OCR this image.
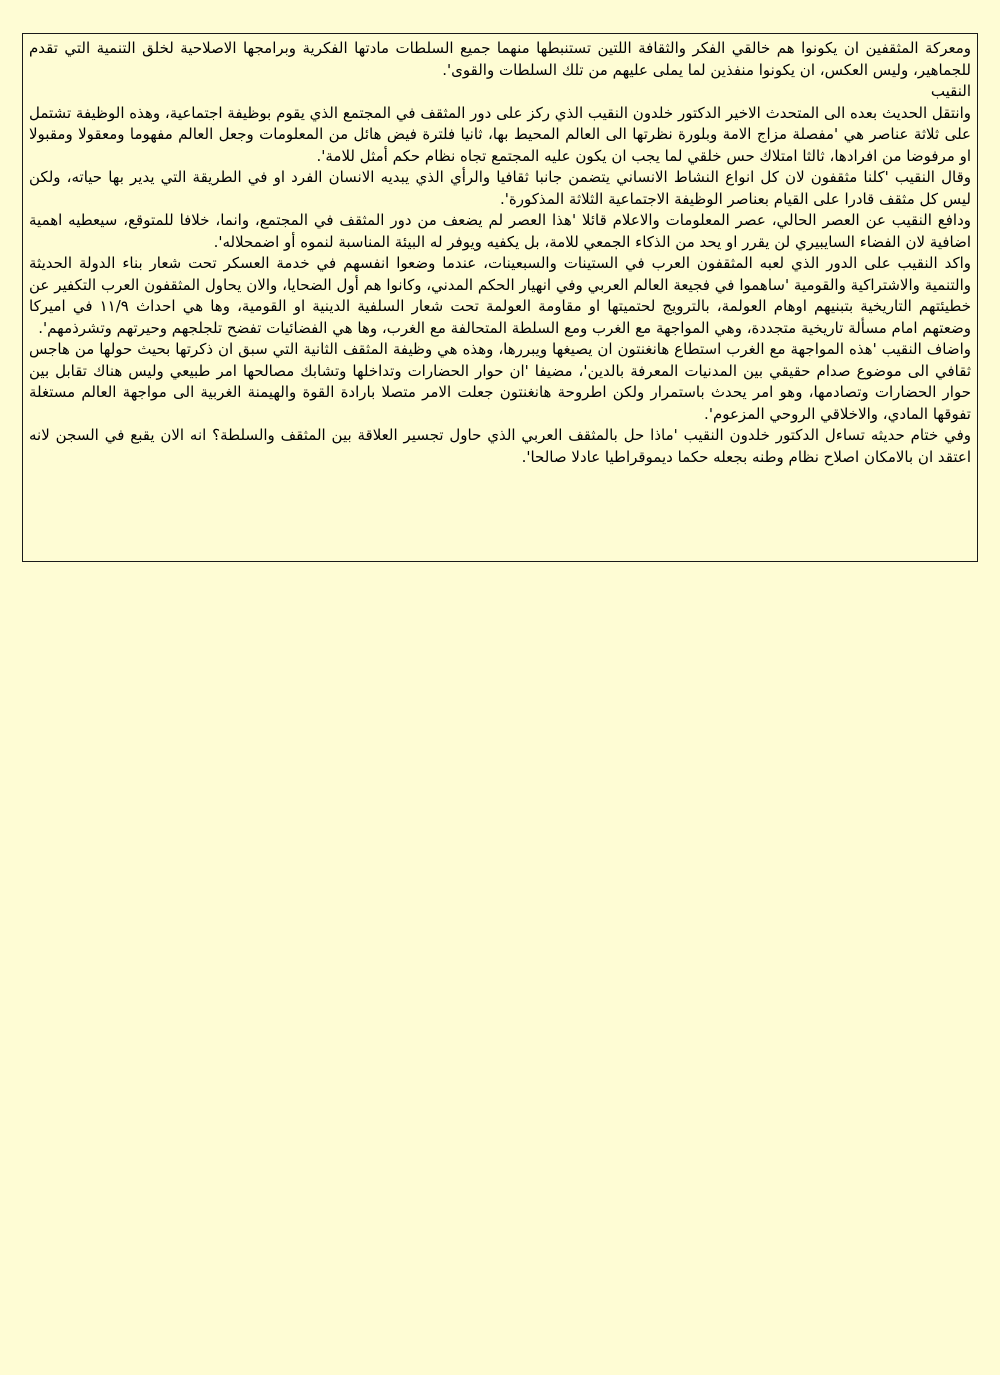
ومعركة المثقفين ان يكونوا هم خالقي الفكر والثقافة اللتين تستنبطها منهما جميع السلطات مادتها الفكرية وبرامجها الاصلاحية لخلق التنمية التي تقدم للجماهير، وليس العكس، ان يكونوا منفذين لما يملى عليهم من تلك السلطات والقوى'.

النقيب

وانتقل الحديث بعده الى المتحدث الاخير الدكتور خلدون النقيب الذي ركز على دور المثقف في المجتمع الذي يقوم بوظيفة اجتماعية، وهذه الوظيفة تشتمل على ثلاثة عناصر هي 'مفصلة مزاج الامة وبلورة نظرتها الى العالم المحيط بها، ثانيا فلترة فيض هائل من المعلومات وجعل العالم مفهوما ومعقولا ومقبولا او مرفوضا من افرادها، ثالثا امتلاك حس خلقي لما يجب ان يكون عليه المجتمع تجاه نظام حكم أمثل للامة'.

وقال النقيب 'كلنا مثقفون لان كل انواع النشاط الانساني يتضمن جانبا ثقافيا والرأي الذي يبديه الانسان الفرد او في الطريقة التي يدير بها حياته، ولكن ليس كل مثقف قادرا على القيام بعناصر الوظيفة الاجتماعية الثلاثة المذكورة'.

ودافع النقيب عن العصر الحالي، عصر المعلومات والاعلام قائلا 'هذا العصر لم يضعف من دور المثقف في المجتمع، وانما، خلافا للمتوقع، سيعطيه اهمية اضافية لان الفضاء السايبيري لن يقرر او يحد من الذكاء الجمعي للامة، بل يكفيه ويوفر له البيئة المناسبة لنموه أو اضمحلاله'.

واكد النقيب على الدور الذي لعبه المثقفون العرب في الستينات والسبعينات، عندما وضعوا انفسهم في خدمة العسكر تحت شعار بناء الدولة الحديثة والتنمية والاشتراكية والقومية 'ساهموا في فجيعة العالم العربي وفي انهيار الحكم المدني، وكانوا هم أول الضحايا، والان يحاول المثقفون العرب التكفير عن خطيئتهم التاريخية بتبنيهم اوهام العولمة، بالترويج لحتميتها او مقاومة العولمة تحت شعار السلفية الدينية او القومية، وها هي احداث ١١/٩ في اميركا وضعتهم امام مسألة تاريخية متجددة، وهي المواجهة مع الغرب ومع السلطة المتحالفة مع الغرب، وها هي الفضائيات تفضح تلجلجهم وحيرتهم وتشرذمهم'.

واضاف النقيب 'هذه المواجهة مع الغرب استطاع هانغنتون ان يصيغها ويبررها، وهذه هي وظيفة المثقف الثانية التي سبق ان ذكرتها بحيث حولها من هاجس ثقافي الى موضوع صدام حقيقي بين المدنيات المعرفة بالدين'، مضيفا 'ان حوار الحضارات وتداخلها وتشابك مصالحها امر طبيعي وليس هناك تقابل بين حوار الحضارات وتصادمها، وهو امر يحدث باستمرار ولكن اطروحة هانغنتون جعلت الامر متصلا بارادة القوة والهيمنة الغربية الى مواجهة العالم مستغلة تفوقها المادي، والاخلاقي الروحي المزعوم'.

وفي ختام حديثه تساءل الدكتور خلدون النقيب 'ماذا حل بالمثقف العربي الذي حاول تجسير العلاقة بين المثقف والسلطة؟ انه الان يقبع في السجن لانه اعتقد ان بالامكان اصلاح نظام وطنه بجعله حكما ديموقراطيا عادلا صالحا'.
